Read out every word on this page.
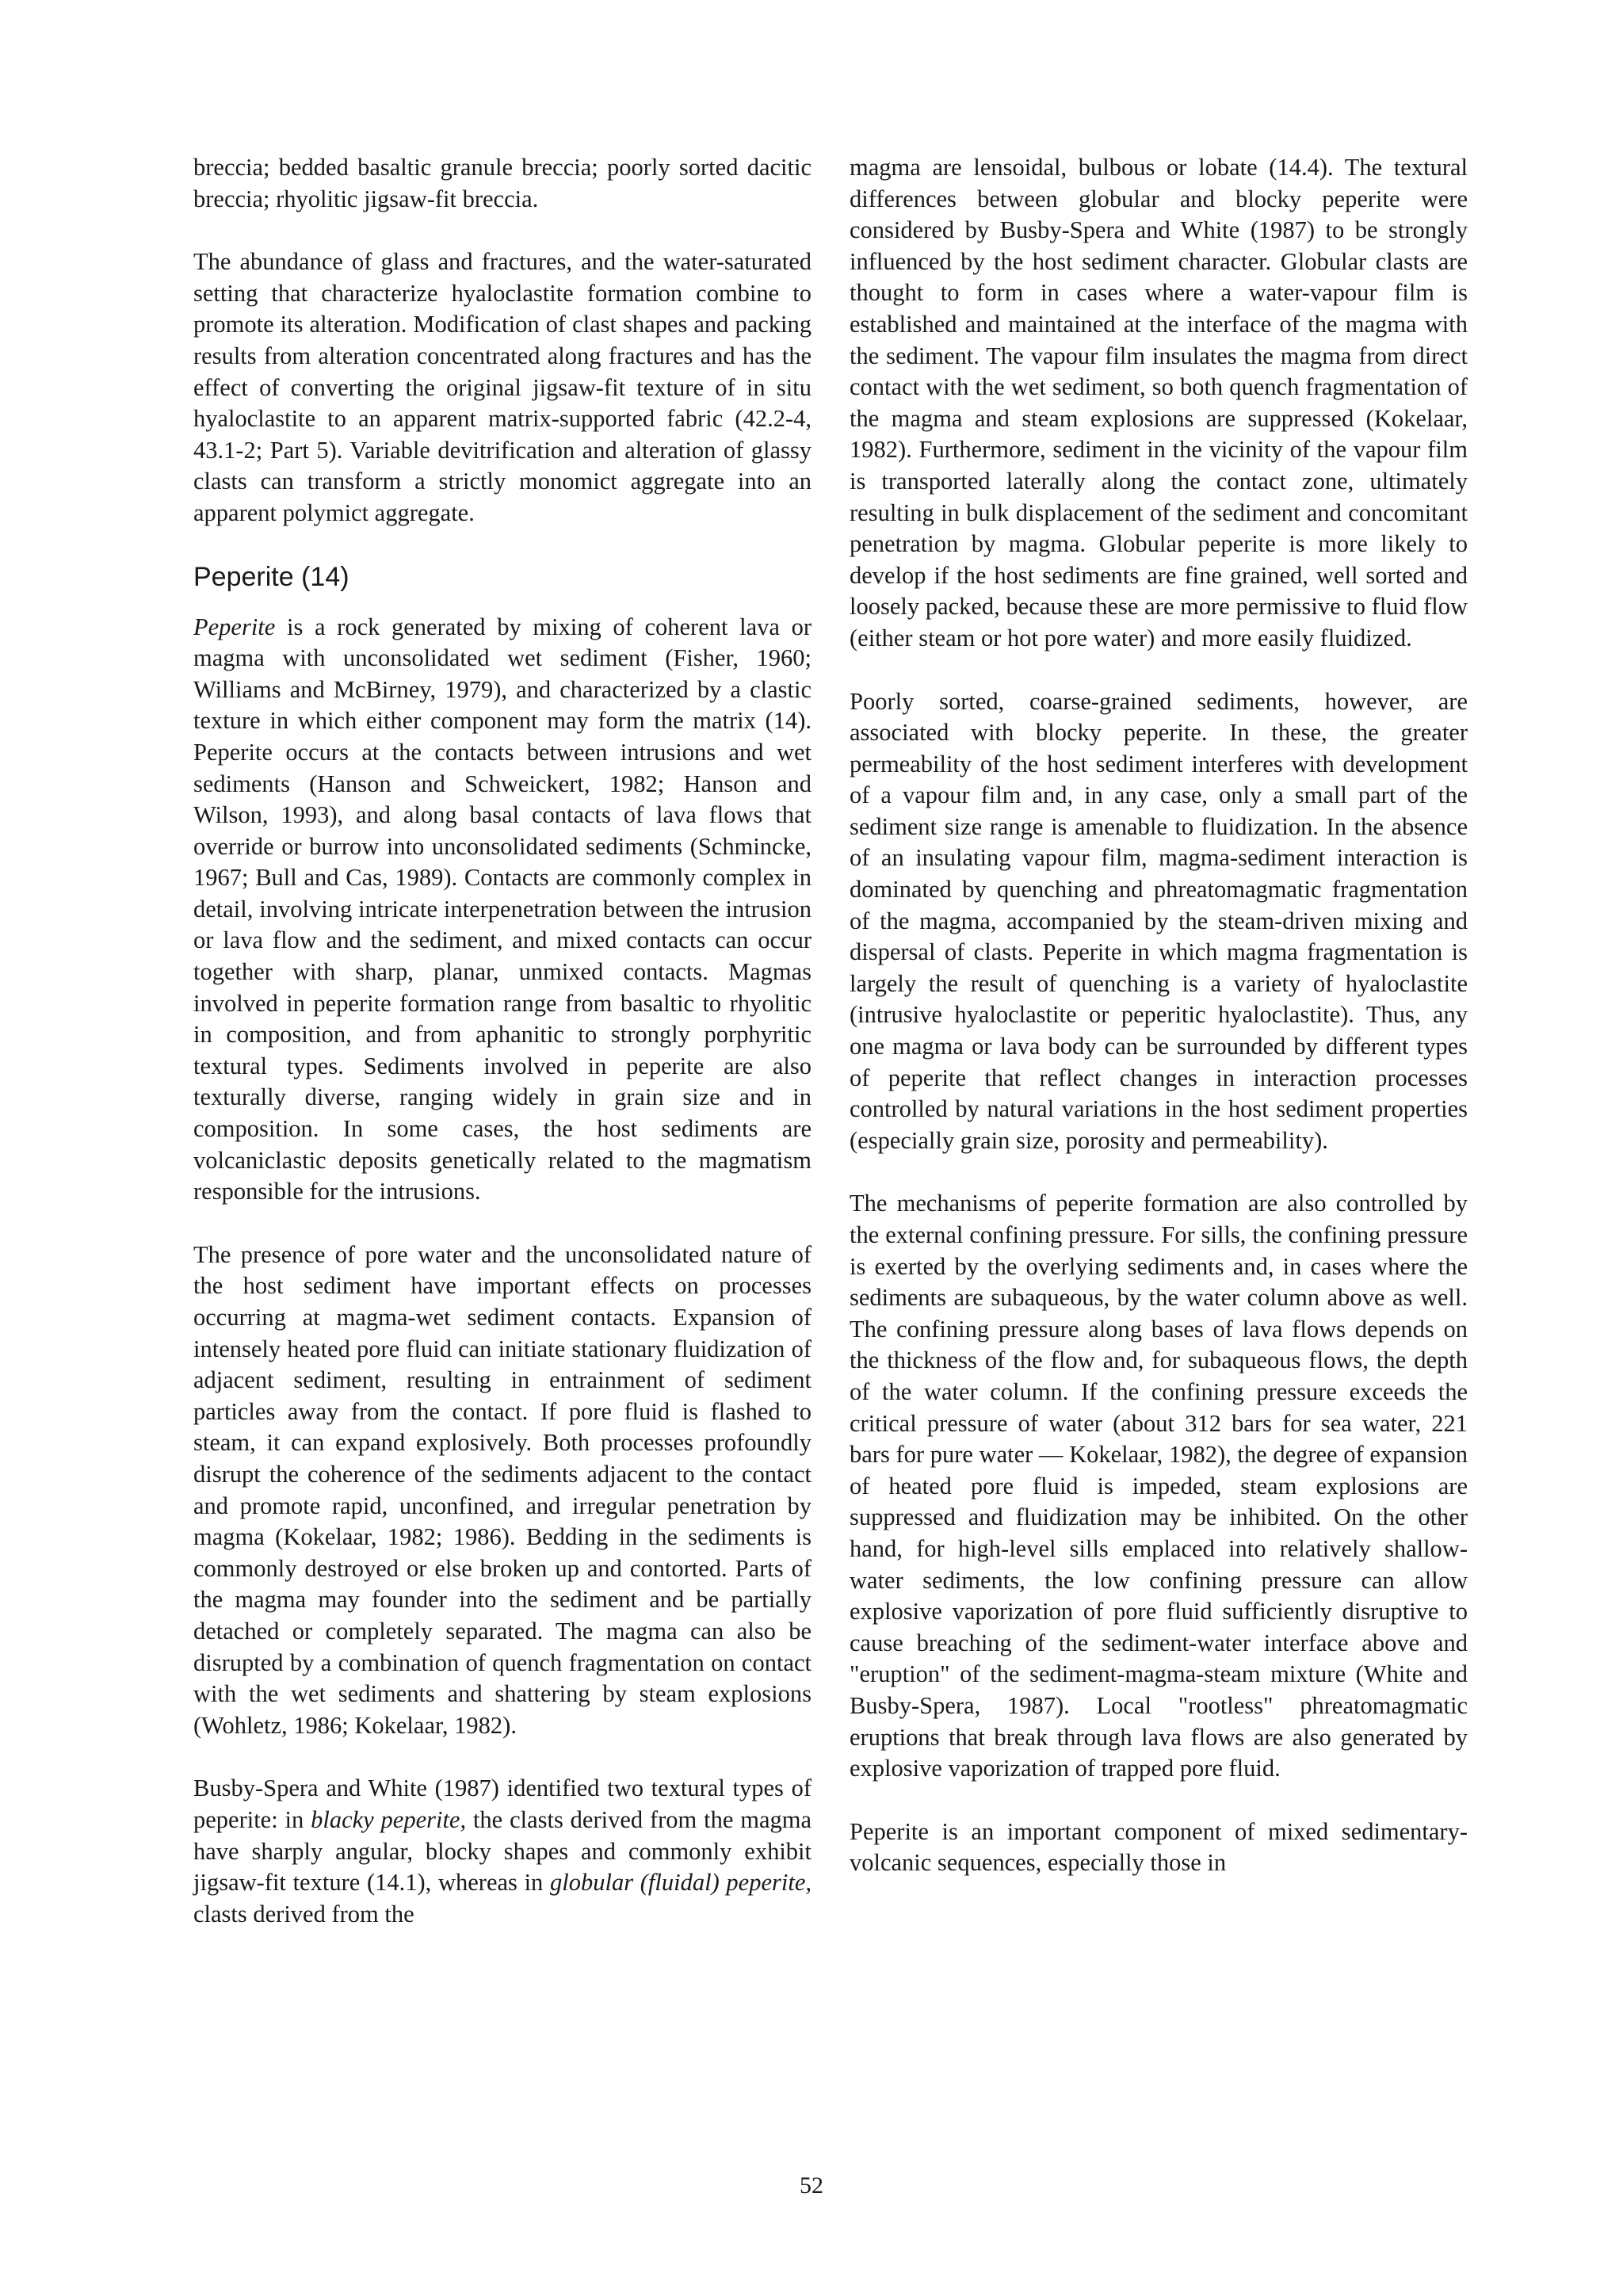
breccia; bedded basaltic granule breccia; poorly sorted dacitic breccia; rhyolitic jigsaw-fit breccia.

The abundance of glass and fractures, and the water-saturated setting that characterize hyaloclastite formation combine to promote its alteration. Modification of clast shapes and packing results from alteration concentrated along fractures and has the effect of converting the original jigsaw-fit texture of in situ hyaloclastite to an apparent matrix-supported fabric (42.2-4, 43.1-2; Part 5). Variable devitrification and alteration of glassy clasts can transform a strictly monomict aggregate into an apparent polymict aggregate.

Peperite (14)

Peperite is a rock generated by mixing of coherent lava or magma with unconsolidated wet sediment (Fisher, 1960; Williams and McBirney, 1979), and characterized by a clastic texture in which either component may form the matrix (14). Peperite occurs at the contacts between intrusions and wet sediments (Hanson and Schweickert, 1982; Hanson and Wilson, 1993), and along basal contacts of lava flows that override or burrow into unconsolidated sediments (Schmincke, 1967; Bull and Cas, 1989). Contacts are commonly complex in detail, involving intricate interpenetration between the intrusion or lava flow and the sediment, and mixed contacts can occur together with sharp, planar, unmixed contacts. Magmas involved in peperite formation range from basaltic to rhyolitic in composition, and from aphanitic to strongly porphyritic textural types. Sediments involved in peperite are also texturally diverse, ranging widely in grain size and in composition. In some cases, the host sediments are volcaniclastic deposits genetically related to the magmatism responsible for the intrusions.

The presence of pore water and the unconsolidated nature of the host sediment have important effects on processes occurring at magma-wet sediment contacts. Expansion of intensely heated pore fluid can initiate stationary fluidization of adjacent sediment, resulting in entrainment of sediment particles away from the contact. If pore fluid is flashed to steam, it can expand explosively. Both processes profoundly disrupt the coherence of the sediments adjacent to the contact and promote rapid, unconfined, and irregular penetration by magma (Kokelaar, 1982; 1986). Bedding in the sediments is commonly destroyed or else broken up and contorted. Parts of the magma may founder into the sediment and be partially detached or completely separated. The magma can also be disrupted by a combination of quench fragmentation on contact with the wet sediments and shattering by steam explosions (Wohletz, 1986; Kokelaar, 1982).

Busby-Spera and White (1987) identified two textural types of peperite: in blacky peperite, the clasts derived from the magma have sharply angular, blocky shapes and commonly exhibit jigsaw-fit texture (14.1), whereas in globular (fluidal) peperite, clasts derived from the

magma are lensoidal, bulbous or lobate (14.4). The textural differences between globular and blocky peperite were considered by Busby-Spera and White (1987) to be strongly influenced by the host sediment character. Globular clasts are thought to form in cases where a water-vapour film is established and maintained at the interface of the magma with the sediment. The vapour film insulates the magma from direct contact with the wet sediment, so both quench fragmentation of the magma and steam explosions are suppressed (Kokelaar, 1982). Furthermore, sediment in the vicinity of the vapour film is transported laterally along the contact zone, ultimately resulting in bulk displacement of the sediment and concomitant penetration by magma. Globular peperite is more likely to develop if the host sediments are fine grained, well sorted and loosely packed, because these are more permissive to fluid flow (either steam or hot pore water) and more easily fluidized.

Poorly sorted, coarse-grained sediments, however, are associated with blocky peperite. In these, the greater permeability of the host sediment interferes with development of a vapour film and, in any case, only a small part of the sediment size range is amenable to fluidization. In the absence of an insulating vapour film, magma-sediment interaction is dominated by quenching and phreatomagmatic fragmentation of the magma, accompanied by the steam-driven mixing and dispersal of clasts. Peperite in which magma fragmentation is largely the result of quenching is a variety of hyaloclastite (intrusive hyaloclastite or peperitic hyaloclastite). Thus, any one magma or lava body can be surrounded by different types of peperite that reflect changes in interaction processes controlled by natural variations in the host sediment properties (especially grain size, porosity and permeability).

The mechanisms of peperite formation are also controlled by the external confining pressure. For sills, the confining pressure is exerted by the overlying sediments and, in cases where the sediments are subaqueous, by the water column above as well. The confining pressure along bases of lava flows depends on the thickness of the flow and, for subaqueous flows, the depth of the water column. If the confining pressure exceeds the critical pressure of water (about 312 bars for sea water, 221 bars for pure water — Kokelaar, 1982), the degree of expansion of heated pore fluid is impeded, steam explosions are suppressed and fluidization may be inhibited. On the other hand, for high-level sills emplaced into relatively shallow-water sediments, the low confining pressure can allow explosive vaporization of pore fluid sufficiently disruptive to cause breaching of the sediment-water interface above and "eruption" of the sediment-magma-steam mixture (White and Busby-Spera, 1987). Local "rootless" phreatomagmatic eruptions that break through lava flows are also generated by explosive vaporization of trapped pore fluid.

Peperite is an important component of mixed sedimentary-volcanic sequences, especially those in

52
